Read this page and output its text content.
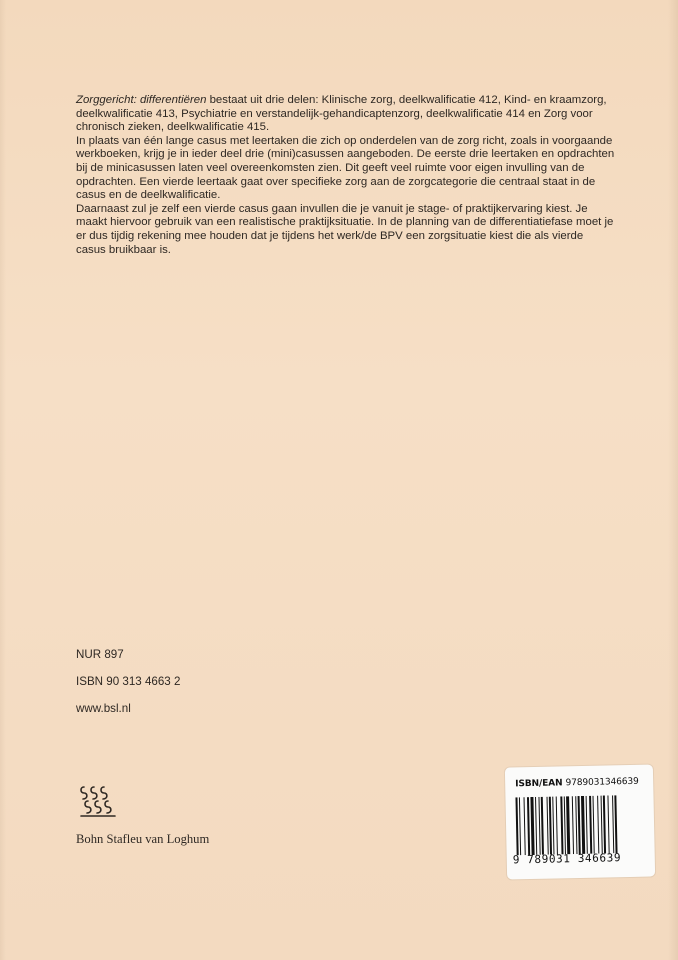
Zorggericht: differentiëren bestaat uit drie delen: Klinische zorg, deelkwalificatie 412, Kind- en kraamzorg, deelkwalificatie 413, Psychiatrie en verstandelijk-gehandicaptenzorg, deelkwalificatie 414 en Zorg voor chronisch zieken, deelkwalificatie 415.

In plaats van één lange casus met leertaken die zich op onderdelen van de zorg richt, zoals in voorgaande werkboeken, krijg je in ieder deel drie (mini)casussen aangeboden. De eerste drie leertaken en opdrachten bij de minicasussen laten veel overeenkomsten zien. Dit geeft veel ruimte voor eigen invulling van de opdrachten. Een vierde leertaak gaat over specifieke zorg aan de zorgcategorie die centraal staat in de casus en de deelkwalificatie.

Daarnaast zul je zelf een vierde casus gaan invullen die je vanuit je stage- of praktijkervaring kiest. Je maakt hiervoor gebruik van een realistische praktijksituatie. In de planning van de differentiatiefase moet je er dus tijdig rekening mee houden dat je tijdens het werk/de BPV een zorgsituatie kiest die als vierde casus bruikbaar is.

NUR 897
ISBN 90 313 4663 2
www.bsl.nl
Bohn Stafleu van Loghum
ISBN/EAN 9789031346639
9 789031 346639
